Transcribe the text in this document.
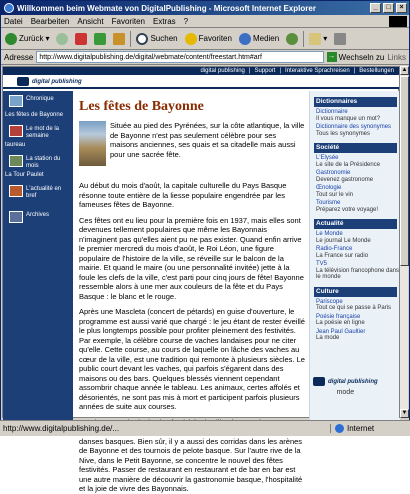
Willkommen beim Webmate von DigitalPublishing - Microsoft Internet Explorer	_	□	×
Datei Bearbeiten Ansicht Favoriten Extras ?
Zurück ▾	Suchen	Favoriten	Medien	▾
Adresse http://www.digitalpublishing.de/digital/webmate/content/freestart.htm#arf	→ Wechseln zu Links
digital publishing | Support | Interaktive Sprachreisen | Bestellungen
digital publishing
Chronique
Les fêtes de Bayonne
Le mot de la semaine
taureau
La station du mois
La Tour Paulet
L'actualité en bref
Archives
Les fêtes de Bayonne

Située au pied des Pyrénées, sur la côte atlantique, la ville de Bayonne n'est pas seulement célèbre pour ses maisons anciennes, ses quais et sa citadelle mais aussi pour une sacrée fête.

Au début du mois d'août, la capitale culturelle du Pays Basque résonne toute entière de la liesse populaire engendrée par les fameuses fêtes de Bayonne.

Ces fêtes ont eu lieu pour la première fois en 1937, mais elles sont devenues tellement populaires que même les Bayonnais n'imaginent pas qu'elles aient pu ne pas exister. Quand enfin arrive le premier mercredi du mois d'août, le Roi Léon, une figure populaire de l'histoire de la ville, se réveille sur le balcon de la mairie. Et quand le maire (ou une personnalité invitée) jette à la foule les clefs de la ville, c'est parti pour cinq jours de fête! Bayonne ressemble alors à une mer aux couleurs de la fête et du Pays Basque : le blanc et le rouge.

Après une Mascleta (concert de pétards) en guise d'ouverture, le programme est aussi varié que chargé : le jeu étant de rester éveillé le plus longtemps possible pour profiter pleinement des festivités. Par exemple, la célèbre course de vaches landaises pour ne citer qu'elle. Cette course, au cours de laquelle on lâche des vaches au cœur de la ville, est une tradition qui remonte à plusieurs siècles. Le public court devant les vaches, qui parfois s'égarent dans des maisons ou des bars. Quelques blessés viennent cependant assombrir chaque année le tableau. Les animaux, certes affolés et désorientés, ne sont pas mis à mort et participent parfois plusieurs années de suite aux courses.

danses basques. Bien sûr, il y a aussi des corridas dans les arènes de Bayonne et des tournois de pelote basque. Sur l'autre rive de la Nive, dans le Petit Bayonne, se concentre le nouvel des fêtes festivités. Passer de restaurant en restaurant et de bar en bar est une autre manière de découvrir la gastronomie basque, l'hospitalité et la joie de vivre des Bayonnais.

Dictionnaires
Dictionnaire
Il vous manque un mot?
Dictionnaire des synonymes
Tous les synonymes
Société
L'Elysée
Le site de la Présidence
Gastronomie
Devenez gastronome
Œnologie
Tout sur le vin
Tourisme
Préparez votre voyage!
Actualité
Le Monde
Le journal Le Monde
Radio-France
La France sur radio
TV5
La télévision francophone dans le monde
Culture
Pariscope
Tout ce qui se passe à Paris
Poésie française
La poésie en ligne
Jean Paul Gaultier
La mode
digital publishing
mode
▲
▼
http://www.digitalpublishing.de/...	Internet
